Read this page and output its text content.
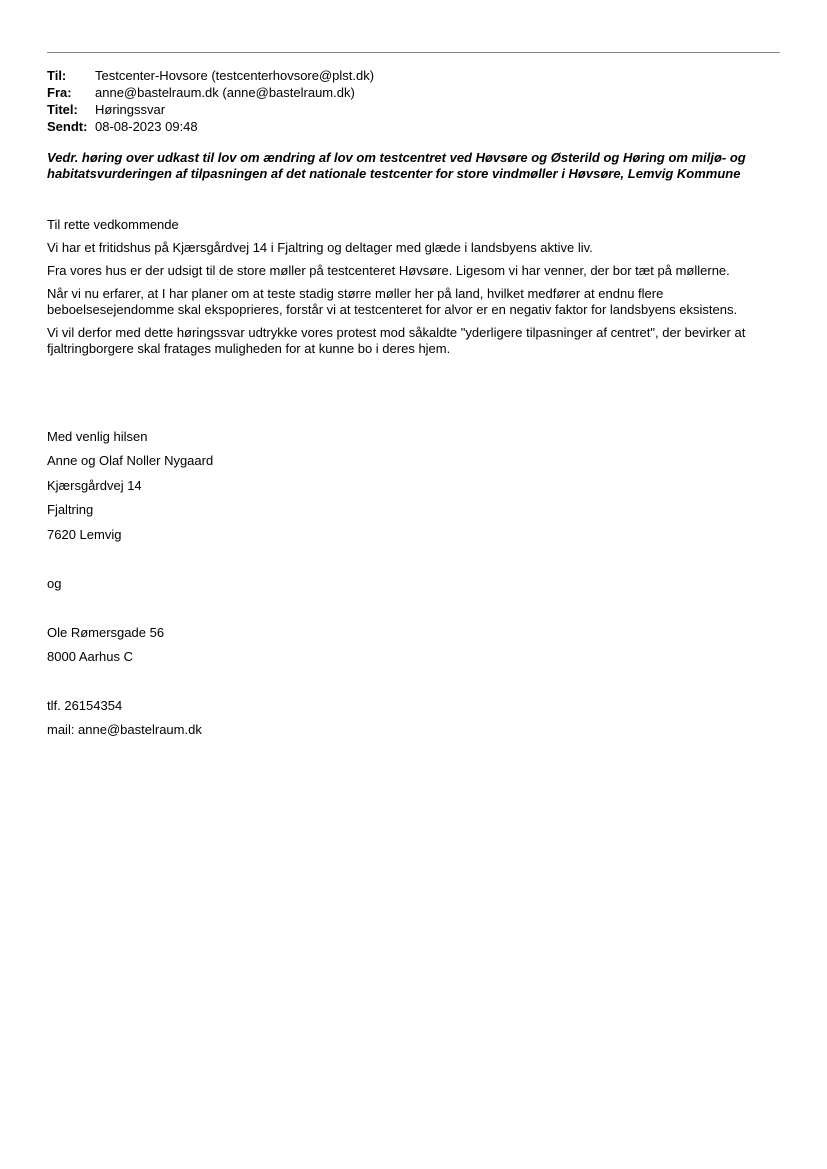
Til:	Testcenter-Hovsore (testcenterhovsore@plst.dk)
Fra:	anne@bastelraum.dk (anne@bastelraum.dk)
Titel:	Høringssvar
Sendt: 08-08-2023 09:48
Vedr. høring over udkast til lov om ændring af lov om testcentret ved Høvsøre og Østerild og Høring om miljø- og habitatsvurderingen af tilpasningen af det nationale testcenter for store vindmøller i Høvsøre, Lemvig Kommune

Til rette vedkommende

Vi har et fritidshus på Kjærsgårdvej 14 i Fjaltring og deltager med glæde i landsbyens aktive liv.

Fra vores hus er der udsigt til de store møller på testcenteret Høvsøre. Ligesom vi har venner, der bor tæt på møllerne.

Når vi nu erfarer, at I har planer om at teste stadig større møller her på land, hvilket medfører at endnu flere beboelsesejendomme skal ekspoprieres, forstår vi at testcenteret for alvor er en negativ faktor for landsbyens eksistens.

Vi vil derfor med dette høringssvar udtrykke vores protest mod såkaldte "yderligere tilpasninger af centret", der bevirker at fjaltringborgere skal fratages muligheden for at kunne bo i deres hjem.

Med venlig hilsen
Anne og Olaf Noller Nygaard
Kjærsgårdvej 14
Fjaltring
7620 Lemvig
og
Ole Rømersgade 56
8000 Aarhus C
tlf. 26154354
mail: anne@bastelraum.dk
